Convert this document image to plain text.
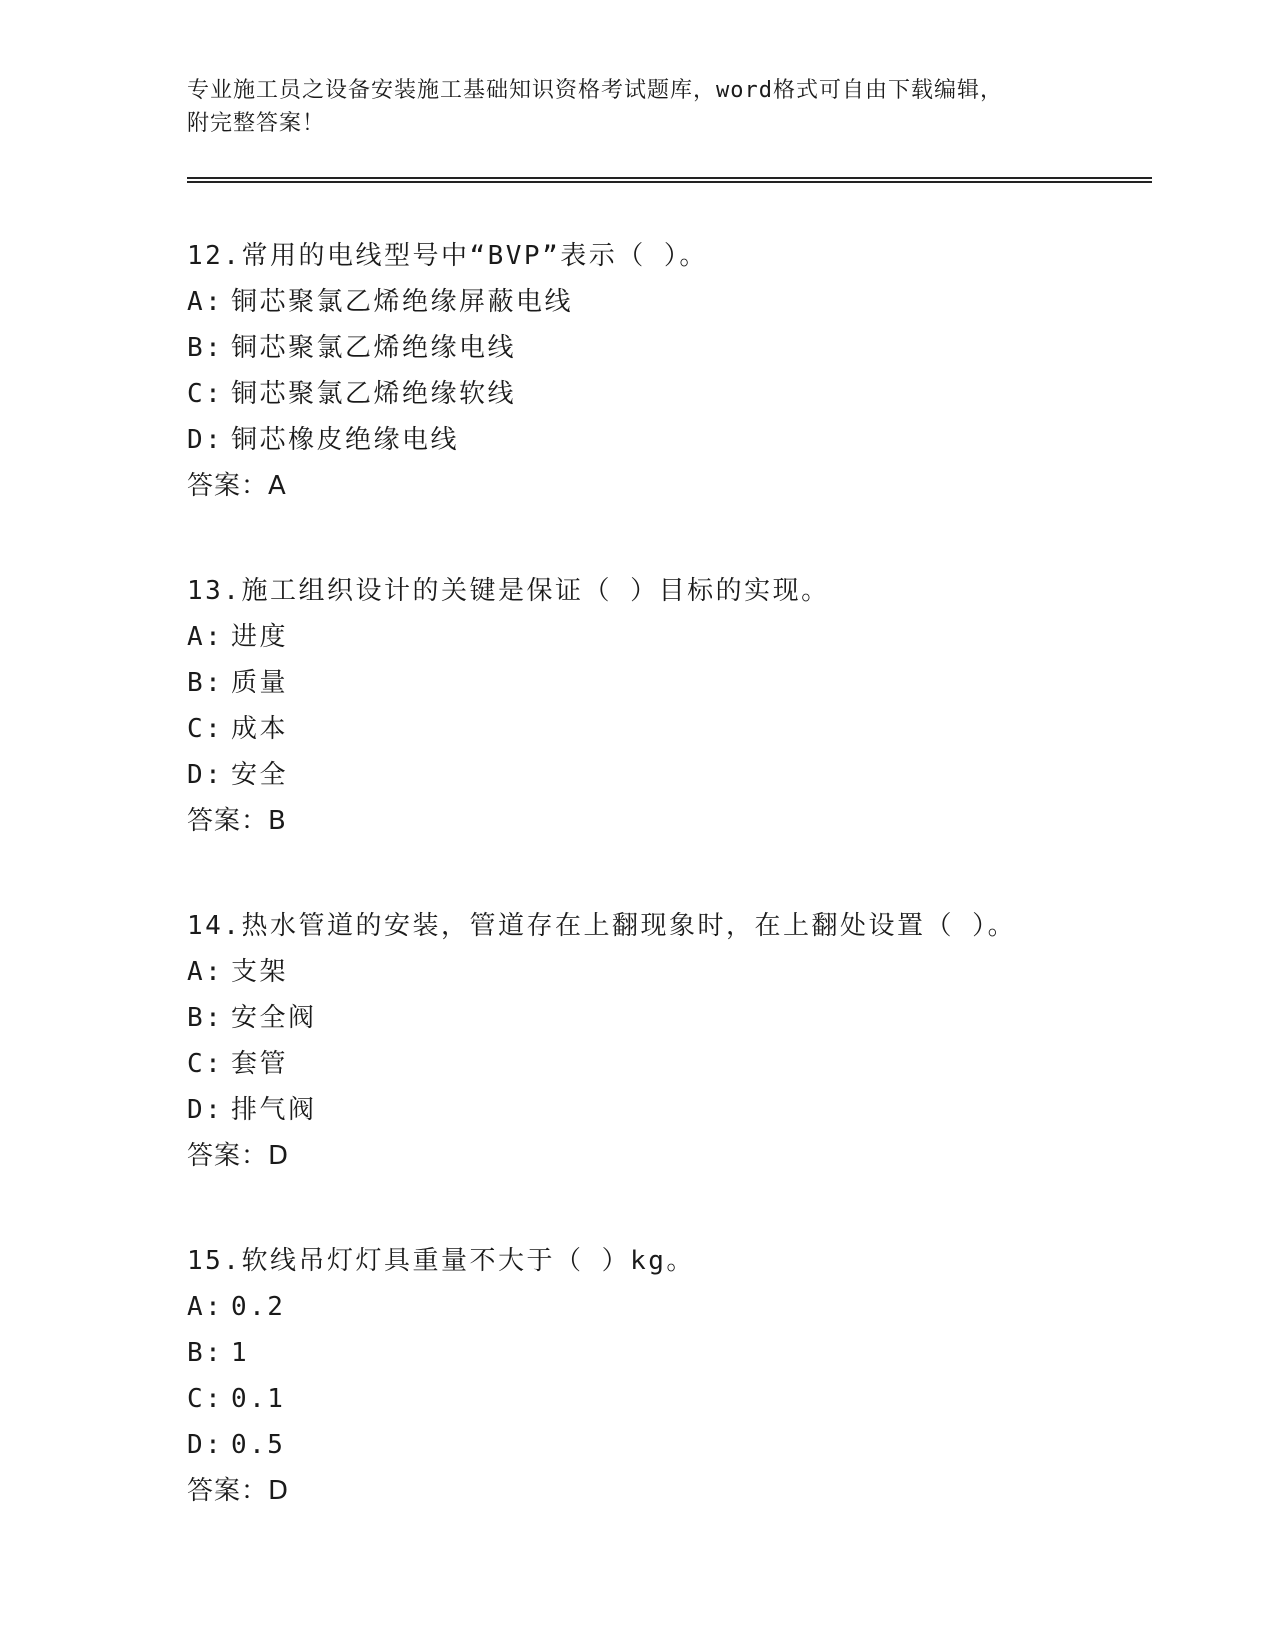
专业施工员之设备安装施工基础知识资格考试题库，word格式可自由下载编辑，
附完整答案！
12.常用的电线型号中“BVP”表示（ ）。
A: 铜芯聚氯乙烯绝缘屏蔽电线
B: 铜芯聚氯乙烯绝缘电线
C: 铜芯聚氯乙烯绝缘软线
D: 铜芯橡皮绝缘电线
答案：A
13.施工组织设计的关键是保证（ ）目标的实现。
A: 进度
B: 质量
C: 成本
D: 安全
答案：B
14.热水管道的安装，管道存在上翻现象时，在上翻处设置（ ）。
A: 支架
B: 安全阀
C: 套管
D: 排气阀
答案：D
15.软线吊灯灯具重量不大于（ ）kg。
A: 0.2
B: 1
C: 0.1
D: 0.5
答案：D
